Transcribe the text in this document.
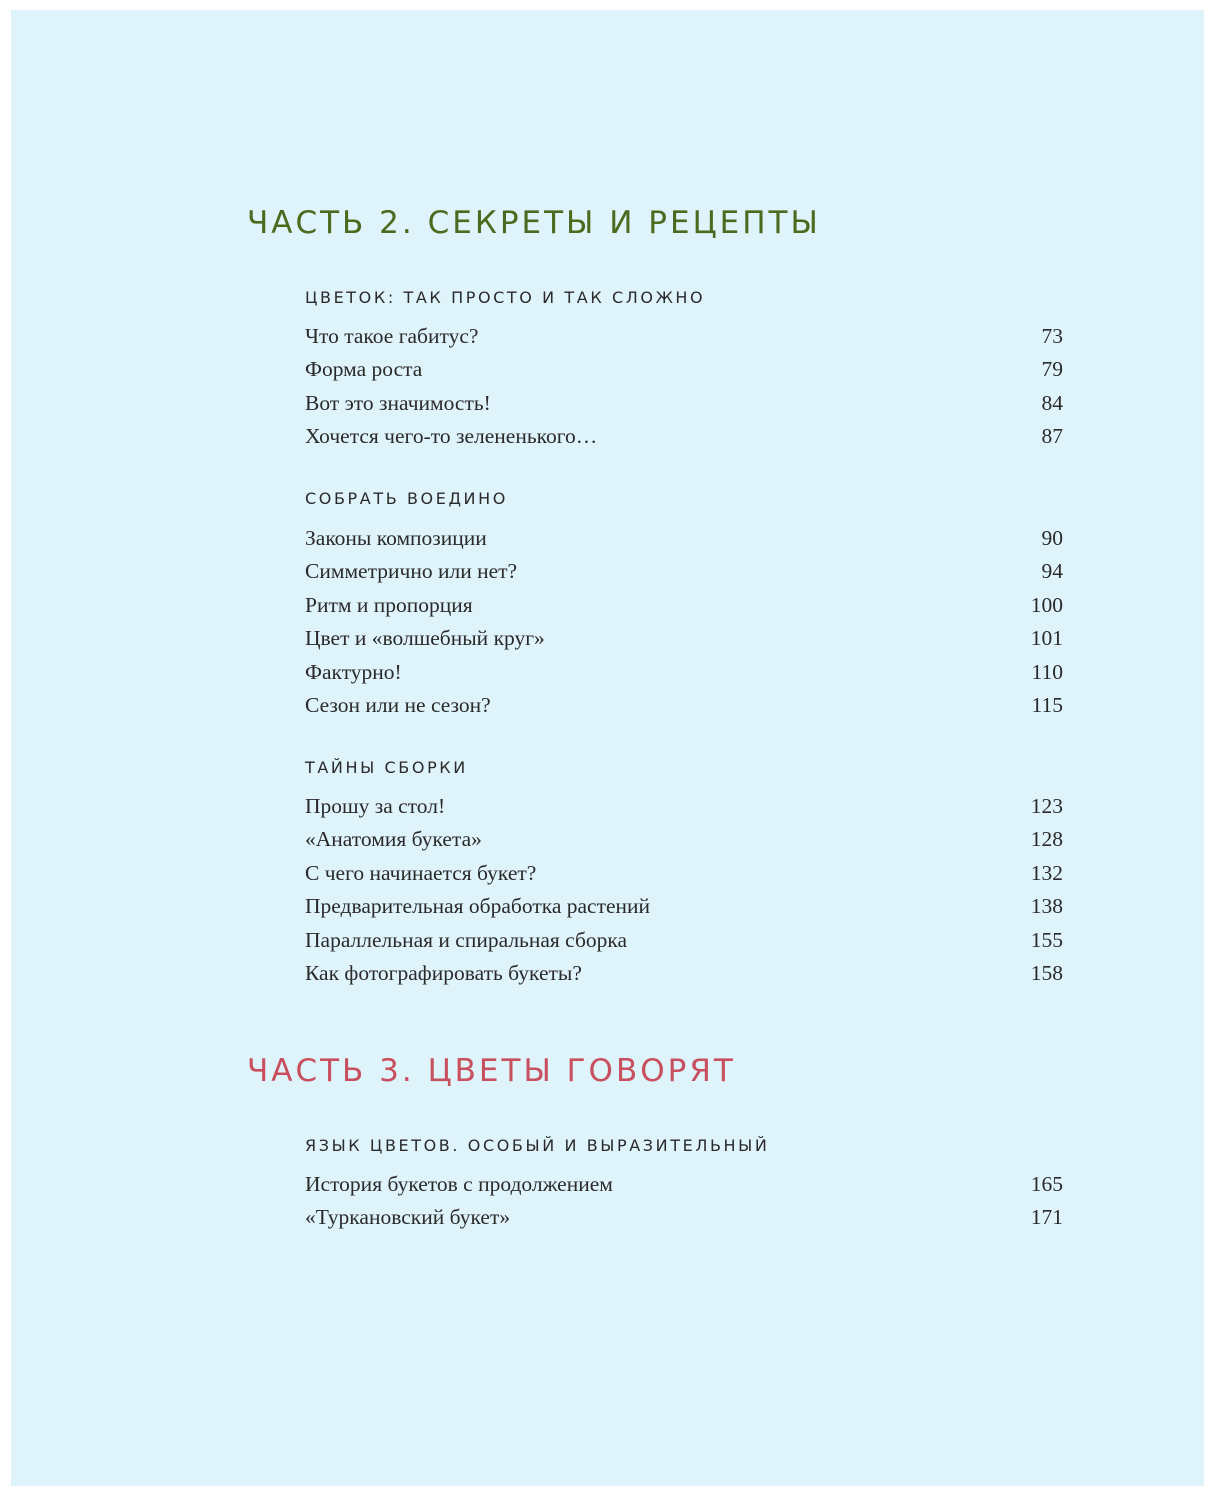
ЧАСТЬ 2. СЕКРЕТЫ И РЕЦЕПТЫ
ЦВЕТОК: ТАК ПРОСТО И ТАК СЛОЖНО
Что такое габитус?	73
Форма роста	79
Вот это значимость!	84
Хочется чего-то зелененького…	87
СОБРАТЬ ВОЕДИНО
Законы композиции	90
Симметрично или нет?	94
Ритм и пропорция	100
Цвет и «волшебный круг»	101
Фактурно!	110
Сезон или не сезон?	115
ТАЙНЫ СБОРКИ
Прошу за стол!	123
«Анатомия букета»	128
С чего начинается букет?	132
Предварительная обработка растений	138
Параллельная и спиральная сборка	155
Как фотографировать букеты?	158
ЧАСТЬ 3. ЦВЕТЫ ГОВОРЯТ
ЯЗЫК ЦВЕТОВ. ОСОБЫЙ И ВЫРАЗИТЕЛЬНЫЙ
История букетов с продолжением	165
«Туркановский букет»	171
